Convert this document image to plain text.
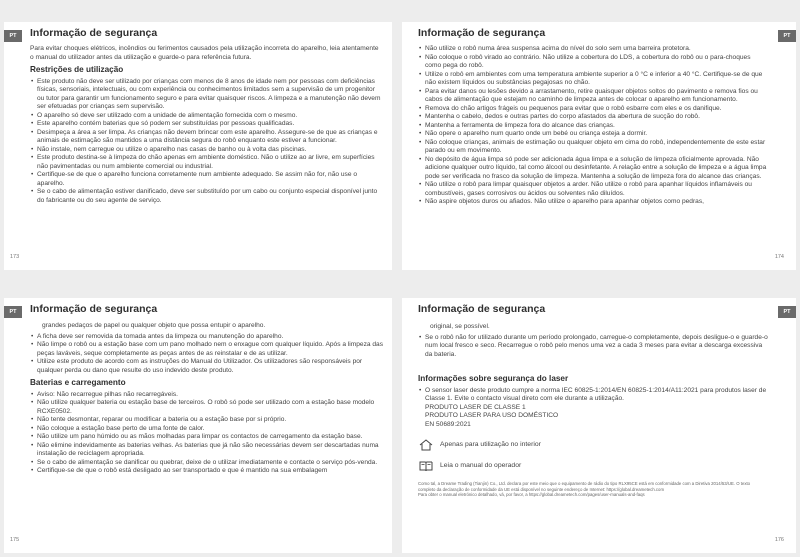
PT	Informação de segurança

Para evitar choques elétricos, incêndios ou ferimentos causados pela utilização incorreta do aparelho, leia atentamente o manual do utilizador antes da utilização e guarde-o para referência futura.

Restrições de utilização
• Este produto não deve ser utilizado por crianças com menos de 8 anos de idade nem por pessoas com deficiências físicas, sensoriais, intelectuais, ou com experiência ou conhecimentos limitados sem a supervisão de um progenitor ou tutor para garantir um funcionamento seguro e para evitar quaisquer riscos. A limpeza e a manutenção não devem ser efetuadas por crianças sem supervisão.
• O aparelho só deve ser utilizado com a unidade de alimentação fornecida com o mesmo.
• Este aparelho contém baterias que só podem ser substituídas por pessoas qualificadas.
• Desimpeça a área a ser limpa. As crianças não devem brincar com este aparelho. Assegure-se de que as crianças e animais de estimação são mantidos a uma distância segura do robô enquanto este estiver a funcionar.
• Não instale, nem carregue ou utilize o aparelho nas casas de banho ou à volta das piscinas.
• Este produto destina-se à limpeza do chão apenas em ambiente doméstico. Não o utilize ao ar livre, em superfícies não pavimentadas ou num ambiente comercial ou industrial.
• Certifique-se de que o aparelho funciona corretamente num ambiente adequado. Se assim não for, não use o aparelho.
• Se o cabo de alimentação estiver danificado, deve ser substituído por um cabo ou conjunto especial disponível junto do fabricante ou do seu agente de serviço.
173
PT
Informação de segurança
• Não utilize o robô numa área suspensa acima do nível do solo sem uma barreira protetora.
• Não coloque o robô virado ao contrário. Não utilize a cobertura do LDS, a cobertura do robô ou o para-choques como pega do robô.
• Utilize o robô em ambientes com uma temperatura ambiente superior a 0 °C e inferior a 40 °C. Certifique-se de que não existem líquidos ou substâncias pegajosas no chão.
• Para evitar danos ou lesões devido a arrastamento, retire quaisquer objetos soltos do pavimento e remova fios ou cabos de alimentação que estejam no caminho de limpeza antes de colocar o aparelho em funcionamento.
• Remova do chão artigos frágeis ou pequenos para evitar que o robô esbarre com eles e os danifique.
• Mantenha o cabelo, dedos e outras partes do corpo afastados da abertura de sucção do robô.
• Mantenha a ferramenta de limpeza fora do alcance das crianças.
• Não opere o aparelho num quarto onde um bebé ou criança esteja a dormir.
• Não coloque crianças, animais de estimação ou qualquer objeto em cima do robô, independentemente de este estar parado ou em movimento.
• No depósito de água limpa só pode ser adicionada água limpa e a solução de limpeza oficialmente aprovada. Não adicione qualquer outro líquido, tal como álcool ou desinfetante. A relação entre a solução de limpeza e a água limpa pode ser verificada no frasco da solução de limpeza. Mantenha a solução de limpeza fora do alcance das crianças.
• Não utilize o robô para limpar quaisquer objetos a arder. Não utilize o robô para apanhar líquidos inflamáveis ou combustíveis, gases corrosivos ou ácidos ou solventes não diluídos.
• Não aspire objetos duros ou afiados. Não utilize o aparelho para apanhar objetos como pedras,
174
PT	Informação de segurança

grandes pedaços de papel ou qualquer objeto que possa entupir o aparelho.

• A ficha deve ser removida da tomada antes da limpeza ou manutenção do aparelho.
• Não limpe o robô ou a estação base com um pano molhado nem o enxague com qualquer líquido. Após a limpeza das peças laváveis, seque completamente as peças antes de as reinstalar e de as utilizar.
• Utilize este produto de acordo com as instruções do Manual do Utilizador. Os utilizadores são responsáveis por qualquer perda ou dano que resulte do uso indevido deste produto.
Baterias e carregamento
• Aviso: Não recarregue pilhas não recarregáveis.
• Não utilize qualquer bateria ou estação base de terceiros. O robô só pode ser utilizado com a estação base modelo RCXE0502.
• Não tente desmontar, reparar ou modificar a bateria ou a estação base por si próprio.
• Não coloque a estação base perto de uma fonte de calor.
• Não utilize um pano húmido ou as mãos molhadas para limpar os contactos de carregamento da estação base.
• Não elimine indevidamente as baterias velhas. As baterias que já não são necessárias devem ser descartadas numa instalação de reciclagem apropriada.
• Se o cabo de alimentação se danificar ou quebrar, deixe de o utilizar imediatamente e contacte o serviço pós-venda.
• Certifique-se de que o robô está desligado ao ser transportado e que é mantido na sua embalagem
175
PT
Informação de segurança

original, se possível.

• Se o robô não for utilizado durante um período prolongado, carregue-o completamente, depois desligue-o e guarde-o num local fresco e seco. Recarregue o robô pelo menos uma vez a cada 3 meses para evitar a descarga excessiva da bateria.
Informações sobre segurança do laser
• O sensor laser deste produto cumpre a norma IEC 60825-1:2014/EN 60825-1:2014/A11:2021 para produtos laser de Classe 1. Evite o contacto visual direto com ele durante a utilização.
PRODUTO LASER DE CLASSE 1
PRODUTO LASER PARA USO DOMÉSTICO
EN 50689:2021
Apenas para utilização no interior
Leia o manual do operador
Como tal, a Dreame Trading (Tianjin) Co., Ltd. declara por este meio que o equipamento de rádio do tipo RLX95CE está em conformidade com a Diretiva 2014/53/UE. O texto completo da declaração de conformidade da UE está disponível no seguinte endereço de Internet: https://global.dreametech.com
Para obter o manual eletrónico detalhado, vá, por favor, a https://global.dreametech.com/pages/user-manuals-and-faqs
176
